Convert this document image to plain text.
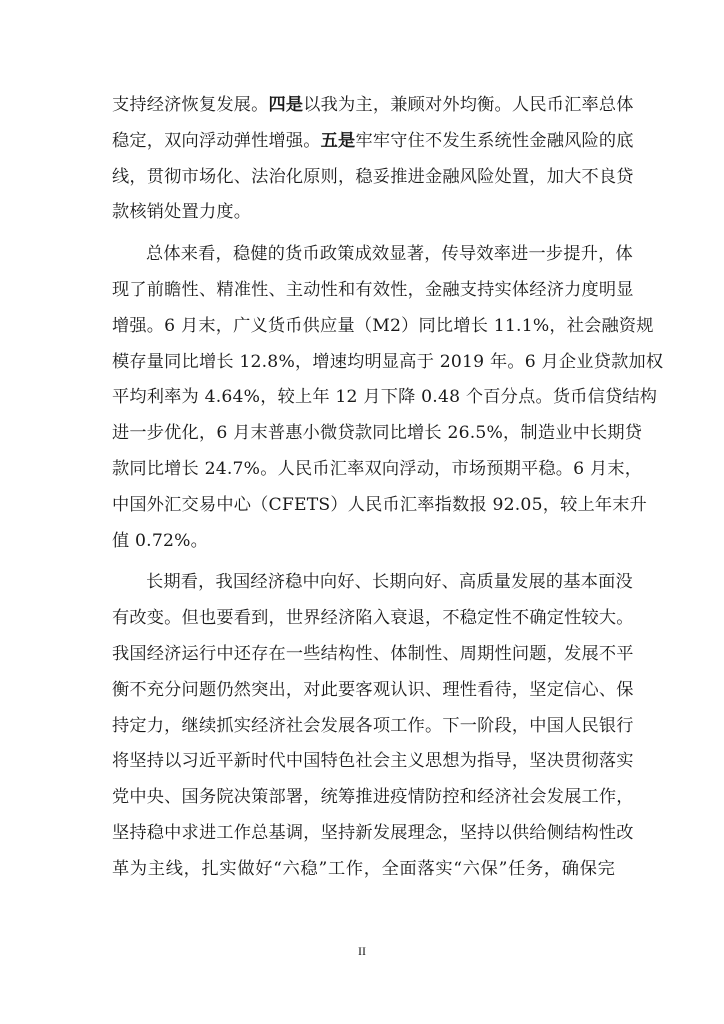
支持经济恢复发展。四是以我为主，兼顾对外均衡。人民币汇率总体
稳定，双向浮动弹性增强。五是牢牢守住不发生系统性金融风险的底
线，贯彻市场化、法治化原则，稳妥推进金融风险处置，加大不良贷
款核销处置力度。
总体来看，稳健的货币政策成效显著，传导效率进一步提升，体
现了前瞻性、精准性、主动性和有效性，金融支持实体经济力度明显
增强。6 月末，广义货币供应量（M2）同比增长 11.1%，社会融资规
模存量同比增长 12.8%，增速均明显高于 2019 年。6 月企业贷款加权
平均利率为 4.64%，较上年 12 月下降 0.48 个百分点。货币信贷结构
进一步优化，6 月末普惠小微贷款同比增长 26.5%，制造业中长期贷
款同比增长 24.7%。人民币汇率双向浮动，市场预期平稳。6 月末，
中国外汇交易中心（CFETS）人民币汇率指数报 92.05，较上年末升
值 0.72%。
长期看，我国经济稳中向好、长期向好、高质量发展的基本面没
有改变。但也要看到，世界经济陷入衰退，不稳定性不确定性较大。
我国经济运行中还存在一些结构性、体制性、周期性问题，发展不平
衡不充分问题仍然突出，对此要客观认识、理性看待，坚定信心、保
持定力，继续抓实经济社会发展各项工作。下一阶段，中国人民银行
将坚持以习近平新时代中国特色社会主义思想为指导，坚决贯彻落实
党中央、国务院决策部署，统筹推进疫情防控和经济社会发展工作，
坚持稳中求进工作总基调，坚持新发展理念，坚持以供给侧结构性改
革为主线，扎实做好“六稳”工作，全面落实“六保”任务，确保完
II
